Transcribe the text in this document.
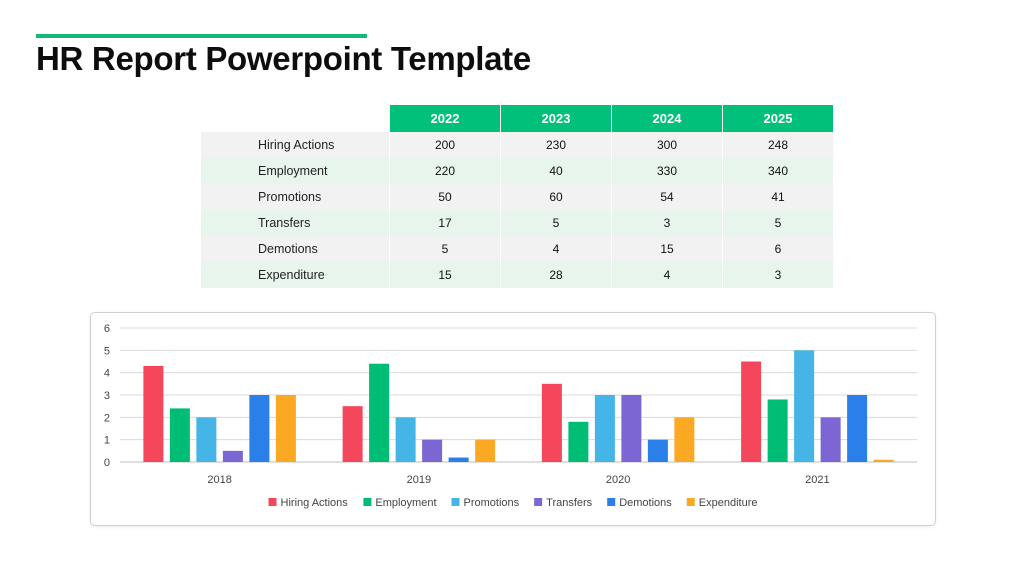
HR Report Powerpoint Template
	2022	2023	2024	2025
Hiring Actions	200	230	300	248
Employment	220	40	330	340
Promotions	50	60	54	41
Transfers	17	5	3	5
Demotions	5	4	15	6
Expenditure	15	28	4	3
0
1
2
3
4
5
6
2018	2019	2020	2021
Hiring Actions	Employment Promotions Transfers Demotions Expenditure
